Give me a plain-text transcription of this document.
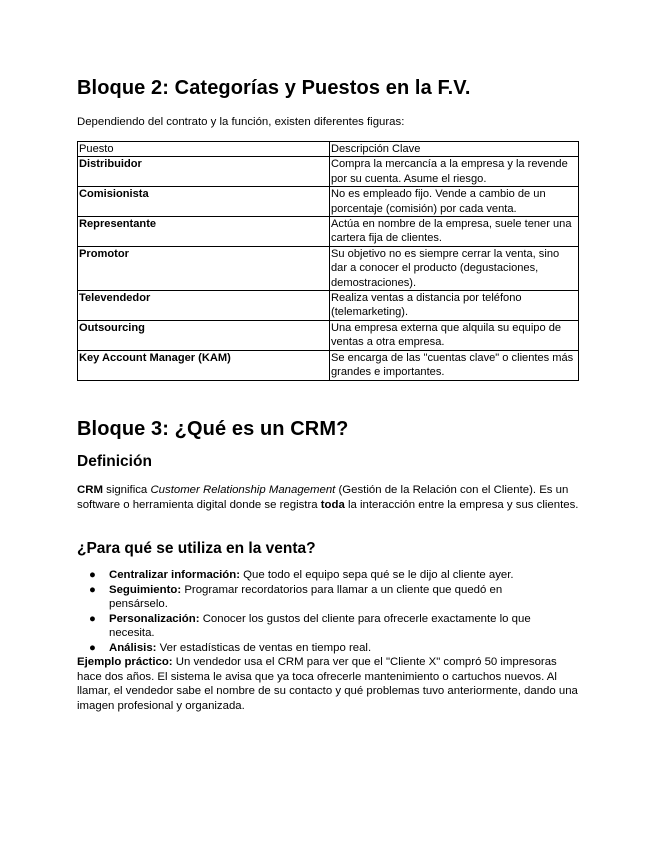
Bloque 2: Categorías y Puestos en la F.V.

Dependiendo del contrato y la función, existen diferentes figuras:

Puesto	Descripción Clave
Distribuidor	Compra la mercancía a la empresa y la revende por su cuenta. Asume el riesgo.
Comisionista	No es empleado fijo. Vende a cambio de un porcentaje (comisión) por cada venta.
Representante	Actúa en nombre de la empresa, suele tener una cartera fija de clientes.
Promotor	Su objetivo no es siempre cerrar la venta, sino dar a conocer el producto (degustaciones, demostraciones).
Televendedor	Realiza ventas a distancia por teléfono (telemarketing).
Outsourcing	Una empresa externa que alquila su equipo de ventas a otra empresa.
Key Account Manager (KAM)	Se encarga de las "cuentas clave" o clientes más grandes e importantes.
Bloque 3: ¿Qué es un CRM?
Definición

CRM significa Customer Relationship Management (Gestión de la Relación con el Cliente). Es un software o herramienta digital donde se registra toda la interacción entre la empresa y sus clientes.

¿Para qué se utiliza en la venta?
● Centralizar información: Que todo el equipo sepa qué se le dijo al cliente ayer.
● Seguimiento: Programar recordatorios para llamar a un cliente que quedó en pensárselo.
● Personalización: Conocer los gustos del cliente para ofrecerle exactamente lo que necesita.
● Análisis: Ver estadísticas de ventas en tiempo real.

Ejemplo práctico: Un vendedor usa el CRM para ver que el "Cliente X" compró 50 impresoras hace dos años. El sistema le avisa que ya toca ofrecerle mantenimiento o cartuchos nuevos. Al llamar, el vendedor sabe el nombre de su contacto y qué problemas tuvo anteriormente, dando una imagen profesional y organizada.
